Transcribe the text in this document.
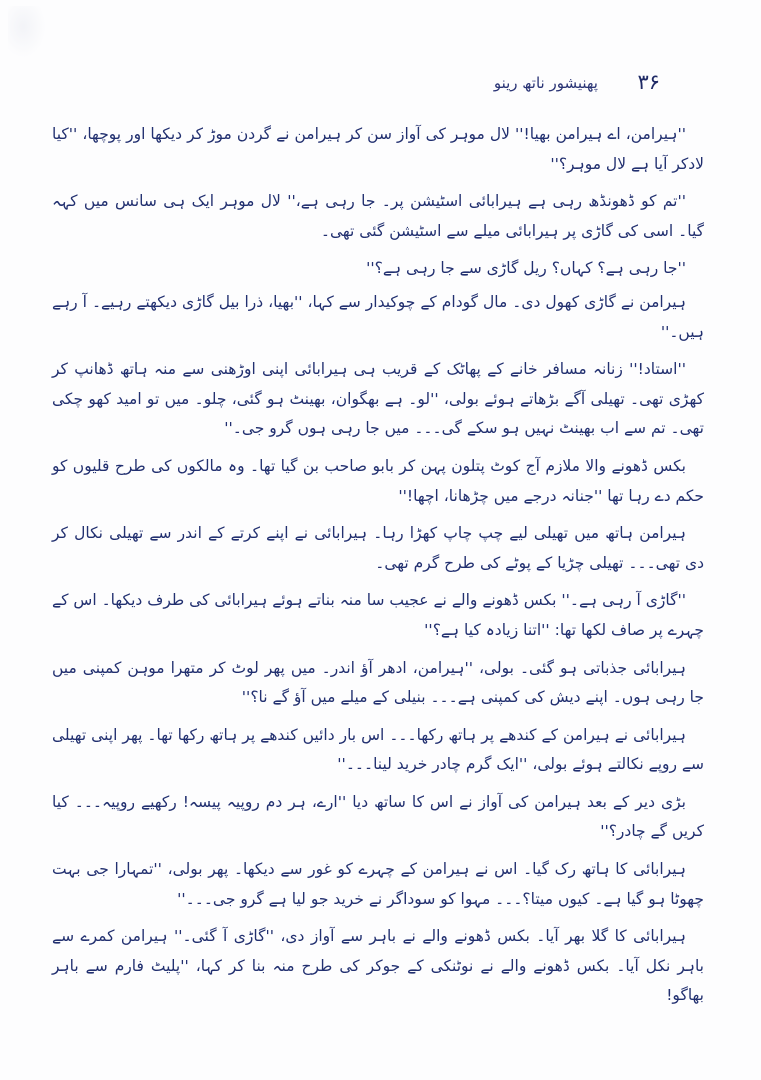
۳۶
پھنیشور ناتھ رینو

''ہیرامن، اے ہیرامن بھیا!'' لال موہر کی آواز سن کر ہیرامن نے گردن موڑ کر دیکھا اور پوچھا، ''کیا لادکر آیا ہے لال موہر؟''

''تم کو ڈھونڈھ رہی ہے ہیرابائی اسٹیشن پر۔ جا رہی ہے،'' لال موہر ایک ہی سانس میں کہہ گیا۔ اسی کی گاڑی پر ہیرابائی میلے سے اسٹیشن گئی تھی۔

''جا رہی ہے؟ کہاں؟ ریل گاڑی سے جا رہی ہے؟''

ہیرامن نے گاڑی کھول دی۔ مال گودام کے چوکیدار سے کہا، ''بھیا، ذرا بیل گاڑی دیکھتے رہیے۔ آ رہے ہیں۔''

''استاد!'' زنانہ مسافر خانے کے پھاٹک کے قریب ہی ہیرابائی اپنی اوڑھنی سے منہ ہاتھ ڈھانپ کر کھڑی تھی۔ تھیلی آگے بڑھاتے ہوئے بولی، ''لو۔ ہے بھگوان، بھینٹ ہو گئی، چلو۔ میں تو امید کھو چکی تھی۔ تم سے اب بھینٹ نہیں ہو سکے گی۔۔۔ میں جا رہی ہوں گرو جی۔''

بکس ڈھونے والا ملازم آج کوٹ پتلون پہن کر بابو صاحب بن گیا تھا۔ وہ مالکوں کی طرح قلیوں کو حکم دے رہا تھا ''جنانہ درجے میں چڑھانا، اچھا!''

ہیرامن ہاتھ میں تھیلی لیے چپ چاپ کھڑا رہا۔ ہیرابائی نے اپنے کرتے کے اندر سے تھیلی نکال کر دی تھی۔۔۔ تھیلی چڑیا کے پوٹے کی طرح گرم تھی۔

''گاڑی آ رہی ہے۔'' بکس ڈھونے والے نے عجیب سا منہ بناتے ہوئے ہیرابائی کی طرف دیکھا۔ اس کے چہرے پر صاف لکھا تھا: ''اتنا زیادہ کیا ہے؟''

ہیرابائی جذباتی ہو گئی۔ بولی، ''ہیرامن، ادھر آؤ اندر۔ میں پھر لوٹ کر متھرا موہن کمپنی میں جا رہی ہوں۔ اپنے دیش کی کمپنی ہے۔۔۔ بنیلی کے میلے میں آؤ گے نا؟''

ہیرابائی نے ہیرامن کے کندھے پر ہاتھ رکھا۔۔۔ اس بار دائیں کندھے پر ہاتھ رکھا تھا۔ پھر اپنی تھیلی سے روپے نکالتے ہوئے بولی، ''ایک گرم چادر خرید لینا۔۔۔''

بڑی دیر کے بعد ہیرامن کی آواز نے اس کا ساتھ دیا ''ارے، ہر دم روپیہ پیسہ! رکھیے روپیہ۔۔۔ کیا کریں گے چادر؟''

ہیرابائی کا ہاتھ رک گیا۔ اس نے ہیرامن کے چہرے کو غور سے دیکھا۔ پھر بولی، ''تمہارا جی بہت چھوٹا ہو گیا ہے۔ کیوں میتا؟۔۔۔ مہوا کو سوداگر نے خرید جو لیا ہے گرو جی۔۔۔''

ہیرابائی کا گلا بھر آیا۔ بکس ڈھونے والے نے باہر سے آواز دی، ''گاڑی آ گئی۔'' ہیرامن کمرے سے باہر نکل آیا۔ بکس ڈھونے والے نے نوٹنکی کے جوکر کی طرح منہ بنا کر کہا، ''پلیٹ فارم سے باہر بھاگو!
